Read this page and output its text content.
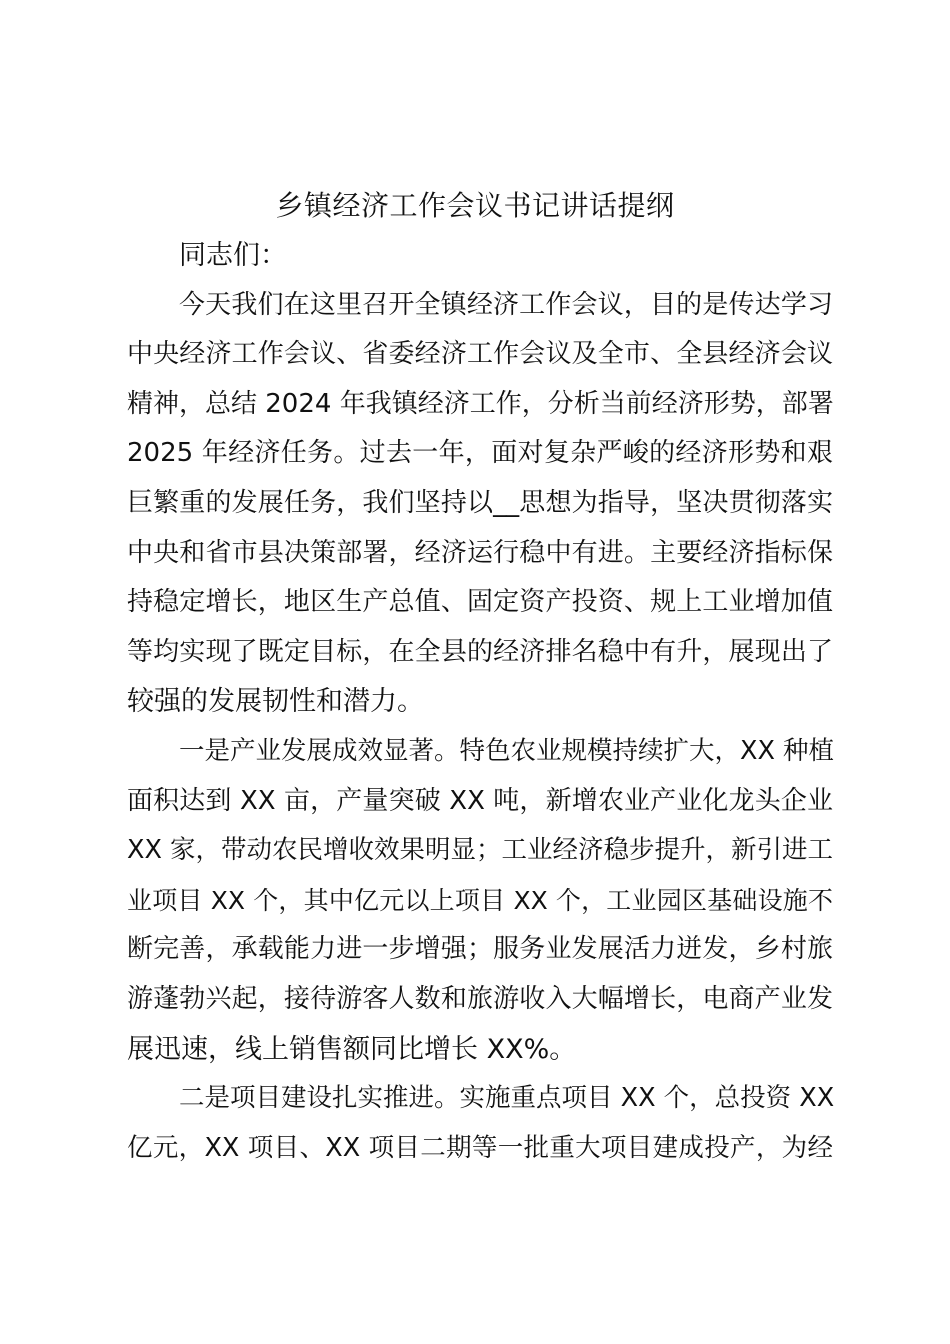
乡镇经济工作会议书记讲话提纲
同志们：
今天我们在这里召开全镇经济工作会议，目的是传达学习
中央经济工作会议、省委经济工作会议及全市、全县经济会议
精神，总结 2024 年我镇经济工作，分析当前经济形势，部署
2025 年经济任务。过去一年，面对复杂严峻的经济形势和艰
巨繁重的发展任务，我们坚持以__思想为指导，坚决贯彻落实
中央和省市县决策部署，经济运行稳中有进。主要经济指标保
持稳定增长，地区生产总值、固定资产投资、规上工业增加值
等均实现了既定目标，在全县的经济排名稳中有升，展现出了
较强的发展韧性和潜力。
一是产业发展成效显著。特色农业规模持续扩大，XX 种植
面积达到 XX 亩，产量突破 XX 吨，新增农业产业化龙头企业
XX 家，带动农民增收效果明显；工业经济稳步提升，新引进工
业项目 XX 个，其中亿元以上项目 XX 个，工业园区基础设施不
断完善，承载能力进一步增强；服务业发展活力迸发，乡村旅
游蓬勃兴起，接待游客人数和旅游收入大幅增长，电商产业发
展迅速，线上销售额同比增长 XX%。
二是项目建设扎实推进。实施重点项目 XX 个，总投资 XX
亿元，XX 项目、XX 项目二期等一批重大项目建成投产，为经
